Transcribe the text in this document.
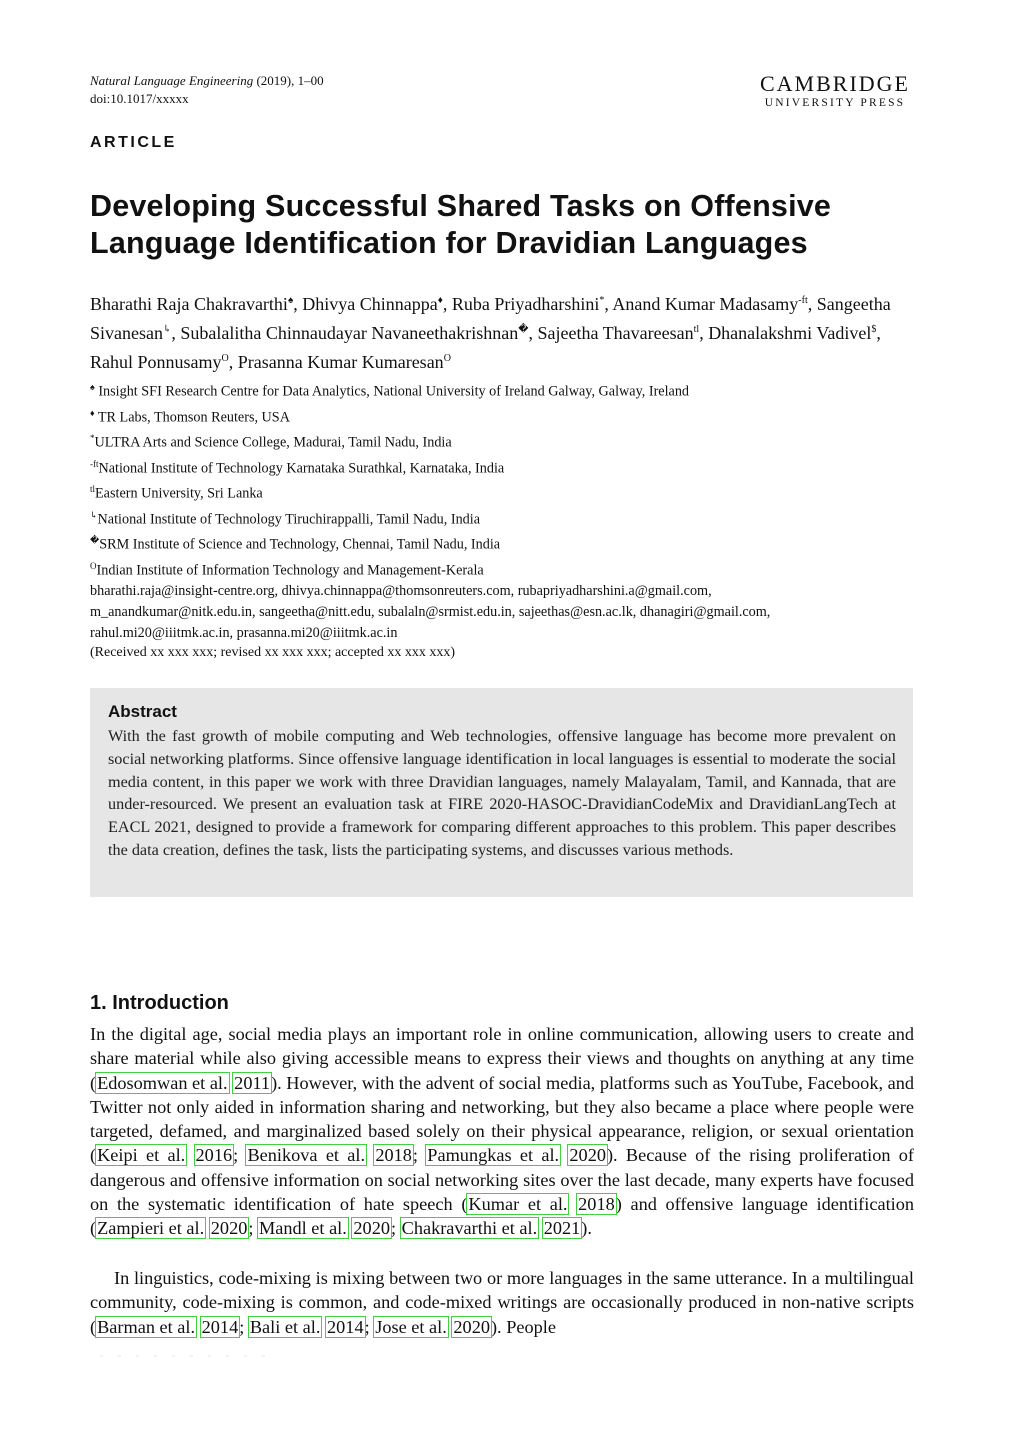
Natural Language Engineering (2019), 1–00
doi:10.1017/xxxxx
CAMBRIDGE
UNIVERSITY PRESS
ARTICLE
Developing Successful Shared Tasks on Offensive Language Identification for Dravidian Languages
Bharathi Raja Chakravarthi♠, Dhivya Chinnappa♦, Ruba Priyadharshini*, Anand Kumar Madasamy$^{-ft}$, Sangeetha Sivanesan↳, Subalalitha Chinnaudayar Navaneethakrishnan�, Sajeetha Thavareesan$^{tl}$, Dhanalakshmi Vadivel$, Rahul Ponnusamy$^O$, Prasanna Kumar Kumaresan$^O$
♠ Insight SFI Research Centre for Data Analytics, National University of Ireland Galway, Galway, Ireland
♦ TR Labs, Thomson Reuters, USA
*ULTRA Arts and Science College, Madurai, Tamil Nadu, India
$^{-ft}$National Institute of Technology Karnataka Surathkal, Karnataka, India
$^{tl}$Eastern University, Sri Lanka
↳National Institute of Technology Tiruchirappalli, Tamil Nadu, India
�SRM Institute of Science and Technology, Chennai, Tamil Nadu, India
$^O$Indian Institute of Information Technology and Management-Kerala
bharathi.raja@insight-centre.org, dhivya.chinnappa@thomsonreuters.com, rubapriyadharshini.a@gmail.com,
m_anandkumar@nitk.edu.in, sangeetha@nitt.edu, subalaln@srmist.edu.in, sajeethas@esn.ac.lk, dhanagiri@gmail.com,
rahul.mi20@iiitmk.ac.in, prasanna.mi20@iiitmk.ac.in
(Received xx xxx xxx; revised xx xxx xxx; accepted xx xxx xxx)
Abstract

With the fast growth of mobile computing and Web technologies, offensive language has become more prevalent on social networking platforms. Since offensive language identification in local languages is essential to moderate the social media content, in this paper we work with three Dravidian languages, namely Malayalam, Tamil, and Kannada, that are under-resourced. We present an evaluation task at FIRE 2020-HASOC-DravidianCodeMix and DravidianLangTech at EACL 2021, designed to provide a framework for comparing different approaches to this problem. This paper describes the data creation, defines the task, lists the participating systems, and discusses various methods.

1. Introduction

In the digital age, social media plays an important role in online communication, allowing users to create and share material while also giving accessible means to express their views and thoughts on anything at any time (Edosomwan et al. 2011). However, with the advent of social media, platforms such as YouTube, Facebook, and Twitter not only aided in information sharing and networking, but they also became a place where people were targeted, defamed, and marginalized based solely on their physical appearance, religion, or sexual orientation (Keipi et al. 2016; Benikova et al. 2018; Pamungkas et al. 2020). Because of the rising proliferation of dangerous and offensive information on social networking sites over the last decade, many experts have focused on the systematic identification of hate speech (Kumar et al. 2018) and offensive language identification (Zampieri et al. 2020; Mandl et al. 2020; Chakravarthi et al. 2021).

In linguistics, code-mixing is mixing between two or more languages in the same utterance. In a multilingual community, code-mixing is common, and code-mixed writings are occasionally produced in non-native scripts (Barman et al. 2014; Bali et al. 2014; Jose et al. 2020). People
